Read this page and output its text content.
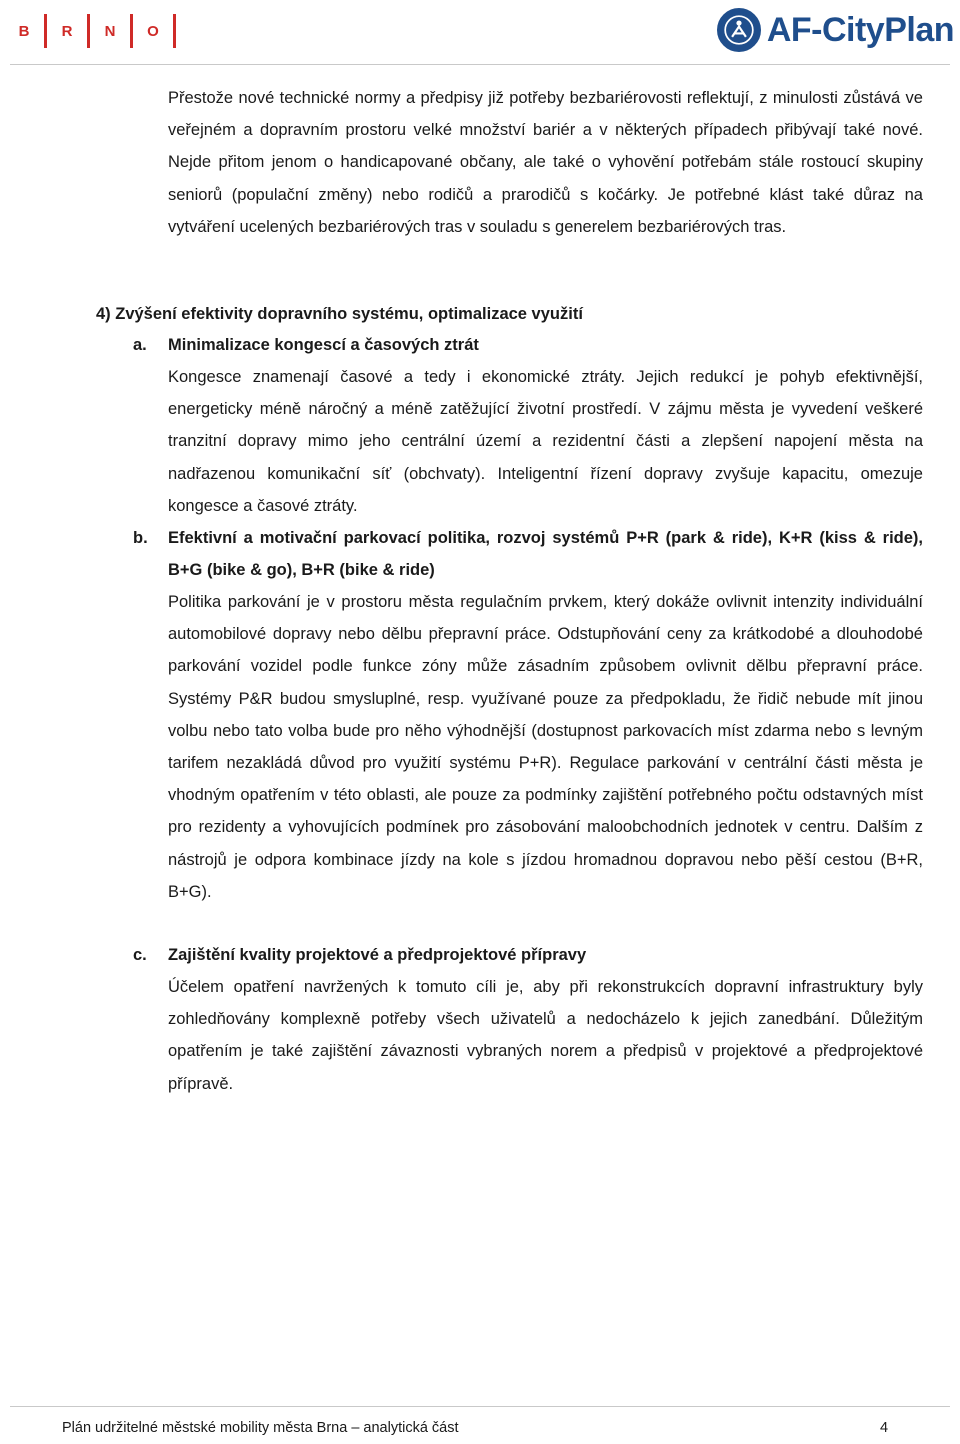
B	R	N	O	AF-CityPlan
Přestože nové technické normy a předpisy již potřeby bezbariérovosti reflektují, z minulosti zůstává ve veřejném a dopravním prostoru velké množství bariér a v některých případech přibývají také nové. Nejde přitom jenom o handicapované občany, ale také o vyhovění potřebám stále rostoucí skupiny seniorů (populační změny) nebo rodičů a prarodičů s kočárky. Je potřebné klást také důraz na vytváření ucelených bezbariérových tras v souladu s generelem bezbariérových tras.
4) Zvýšení efektivity dopravního systému, optimalizace využití
a. Minimalizace kongescí a časových ztrát
Kongesce znamenají časové a tedy i ekonomické ztráty. Jejich redukcí je pohyb efektivnější, energeticky méně náročný a méně zatěžující životní prostředí. V zájmu města je vyvedení veškeré tranzitní dopravy mimo jeho centrální území a rezidentní části a zlepšení napojení města na nadřazenou komunikační síť (obchvaty). Inteligentní řízení dopravy zvyšuje kapacitu, omezuje kongesce a časové ztráty.
b. Efektivní a motivační parkovací politika, rozvoj systémů P+R (park & ride), K+R (kiss & ride), B+G (bike & go), B+R (bike & ride)
Politika parkování je v prostoru města regulačním prvkem, který dokáže ovlivnit intenzity individuální automobilové dopravy nebo dělbu přepravní práce. Odstupňování ceny za krátkodobé a dlouhodobé parkování vozidel podle funkce zóny může zásadním způsobem ovlivnit dělbu přepravní práce. Systémy P&R budou smysluplné, resp. využívané pouze za předpokladu, že řidič nebude mít jinou volbu nebo tato volba bude pro něho výhodnější (dostupnost parkovacích míst zdarma nebo s levným tarifem nezakládá důvod pro využití systému P+R). Regulace parkování v centrální části města je vhodným opatřením v této oblasti, ale pouze za podmínky zajištění potřebného počtu odstavných míst pro rezidenty a vyhovujících podmínek pro zásobování maloobchodních jednotek v centru. Dalším z nástrojů je odpora kombinace jízdy na kole s jízdou hromadnou dopravou nebo pěší cestou (B+R, B+G).
c. Zajištění kvality projektové a předprojektové přípravy
Účelem opatření navržených k tomuto cíli je, aby při rekonstrukcích dopravní infrastruktury byly zohledňovány komplexně potřeby všech uživatelů a nedocházelo k jejich zanedbání. Důležitým opatřením je také zajištění závaznosti vybraných norem a předpisů v projektové a předprojektové přípravě.
Plán udržitelné městské mobility města Brna – analytická část	4
